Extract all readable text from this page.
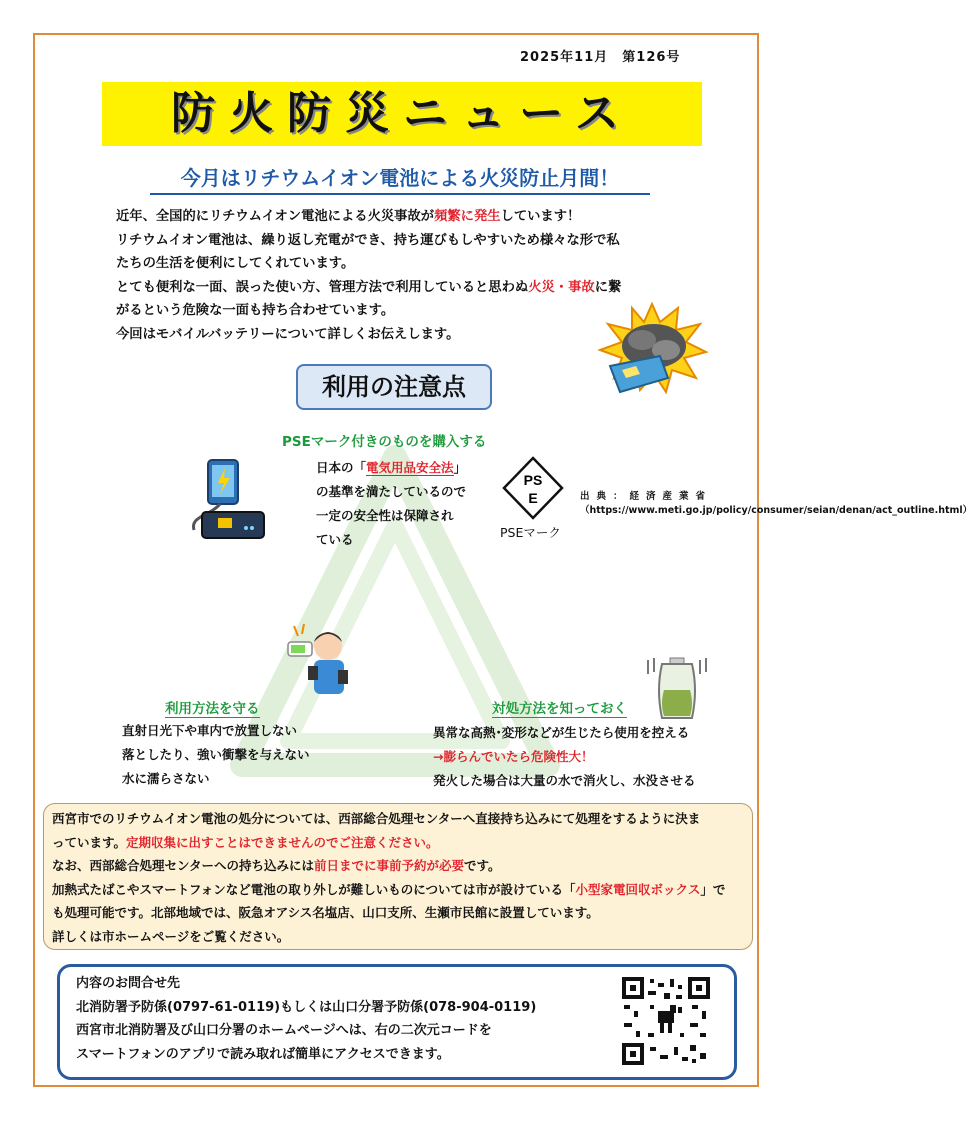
2025年11月　第126号
防火防災ニュース
今月はリチウムイオン電池による火災防止月間！
近年、全国的にリチウムイオン電池による火災事故が頻繁に発生しています！
リチウムイオン電池は、繰り返し充電ができ、持ち運びもしやすいため様々な形で私
たちの生活を便利にしてくれています。
とても便利な一面、誤った使い方、管理方法で利用していると思わぬ火災・事故に繋
がるという危険な一面も持ち合わせています。
今回はモバイルバッテリーについて詳しくお伝えします。
利用の注意点
PSEマーク付きのものを購入する
日本の「電気用品安全法」
の基準を満たしているので
一定の安全性は保障され
ている
PS
E
PSEマーク
出典：経済産業省
（https://www.meti.go.jp/policy/consumer/seian/denan/act_outline.html）
利用方法を守る
直射日光下や車内で放置しない
落としたり、強い衝撃を与えない
水に濡らさない
対処方法を知っておく
異常な高熱･変形などが生じたら使用を控える
→膨らんでいたら危険性大！
発火した場合は大量の水で消火し、水没させる
西宮市でのリチウムイオン電池の処分については、西部総合処理センターへ直接持ち込みにて処理をするように決ま
っています。定期収集に出すことはできませんのでご注意ください。
なお、西部総合処理センターへの持ち込みには前日までに事前予約が必要です。
加熱式たばこやスマートフォンなど電池の取り外しが難しいものについては市が設けている「小型家電回収ボックス」で
も処理可能です。北部地域では、阪急オアシス名塩店、山口支所、生瀬市民館に設置しています。
詳しくは市ホームページをご覧ください。
内容のお問合せ先
北消防署予防係(0797-61-0119)もしくは山口分署予防係(078-904-0119)
西宮市北消防署及び山口分署のホームページへは、右の二次元コードを
スマートフォンのアプリで読み取れば簡単にアクセスできます。
